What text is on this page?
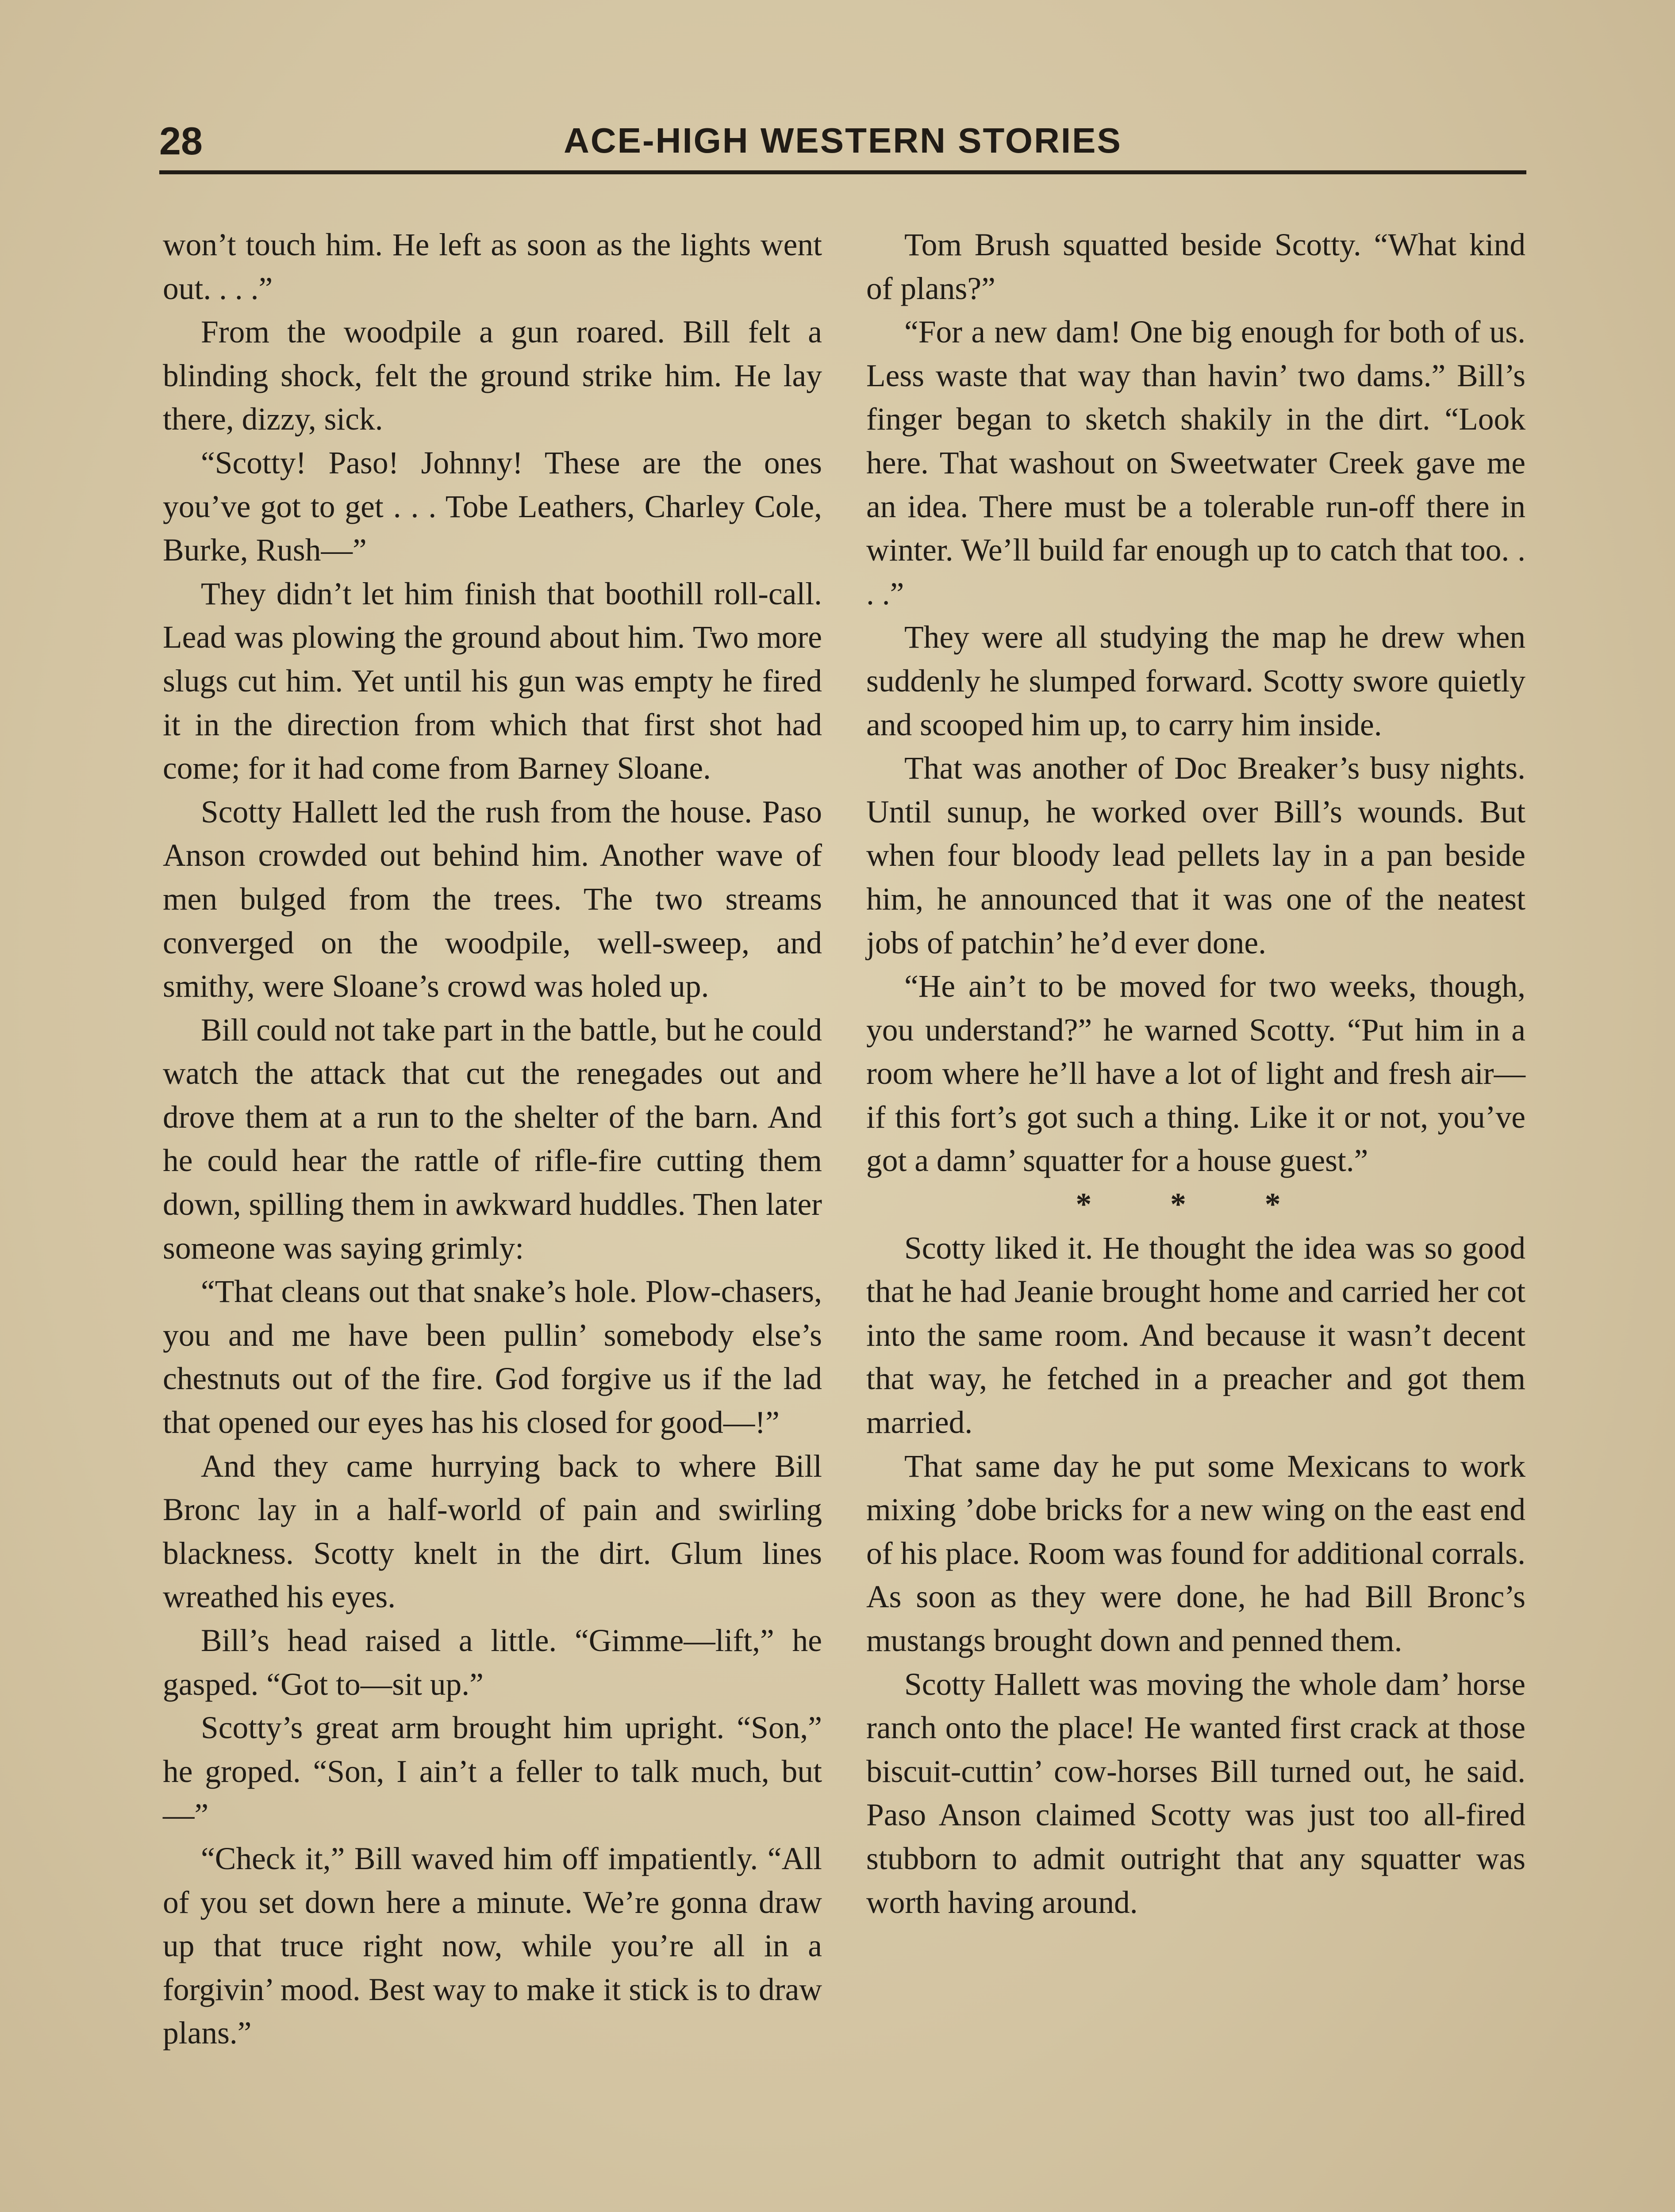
28	ACE-HIGH WESTERN STORIES

won’t touch him. He left as soon as the lights went out. . . .”

From the woodpile a gun roared. Bill felt a blinding shock, felt the ground strike him. He lay there, dizzy, sick.

“Scotty! Paso! Johnny! These are the ones you’ve got to get . . . Tobe Leathers, Charley Cole, Burke, Rush—”

They didn’t let him finish that boothill roll-call. Lead was plowing the ground about him. Two more slugs cut him. Yet until his gun was empty he fired it in the direction from which that first shot had come; for it had come from Barney Sloane.

Scotty Hallett led the rush from the house. Paso Anson crowded out behind him. Another wave of men bulged from the trees. The two streams converged on the woodpile, well-sweep, and smithy, were Sloane’s crowd was holed up.

Bill could not take part in the battle, but he could watch the attack that cut the renegades out and drove them at a run to the shelter of the barn. And he could hear the rattle of rifle-fire cutting them down, spilling them in awkward huddles. Then later someone was saying grimly:

“That cleans out that snake’s hole. Plow-chasers, you and me have been pullin’ somebody else’s chestnuts out of the fire. God forgive us if the lad that opened our eyes has his closed for good—!”

And they came hurrying back to where Bill Bronc lay in a half-world of pain and swirling blackness. Scotty knelt in the dirt. Glum lines wreathed his eyes.

Bill’s head raised a little. “Gimme—lift,” he gasped. “Got to—sit up.”

Scotty’s great arm brought him upright. “Son,” he groped. “Son, I ain’t a feller to talk much, but—”

“Check it,” Bill waved him off impatiently. “All of you set down here a minute. We’re gonna draw up that truce right now, while you’re all in a forgivin’ mood. Best way to make it stick is to draw plans.”

Tom Brush squatted beside Scotty. “What kind of plans?”

“For a new dam! One big enough for both of us. Less waste that way than havin’ two dams.” Bill’s finger began to sketch shakily in the dirt. “Look here. That washout on Sweetwater Creek gave me an idea. There must be a tolerable run-off there in winter. We’ll build far enough up to catch that too. . . .”

They were all studying the map he drew when suddenly he slumped forward. Scotty swore quietly and scooped him up, to carry him inside.

That was another of Doc Breaker’s busy nights. Until sunup, he worked over Bill’s wounds. But when four bloody lead pellets lay in a pan beside him, he announced that it was one of the neatest jobs of patchin’ he’d ever done.

“He ain’t to be moved for two weeks, though, you understand?” he warned Scotty. “Put him in a room where he’ll have a lot of light and fresh air—if this fort’s got such a thing. Like it or not, you’ve got a damn’ squatter for a house guest.”

* * *

Scotty liked it. He thought the idea was so good that he had Jeanie brought home and carried her cot into the same room. And because it wasn’t decent that way, he fetched in a preacher and got them married.

That same day he put some Mexicans to work mixing ’dobe bricks for a new wing on the east end of his place. Room was found for additional corrals. As soon as they were done, he had Bill Bronc’s mustangs brought down and penned them.

Scotty Hallett was moving the whole dam’ horse ranch onto the place! He wanted first crack at those biscuit-cuttin’ cow-horses Bill turned out, he said. Paso Anson claimed Scotty was just too all-fired stubborn to admit outright that any squatter was worth having around.
